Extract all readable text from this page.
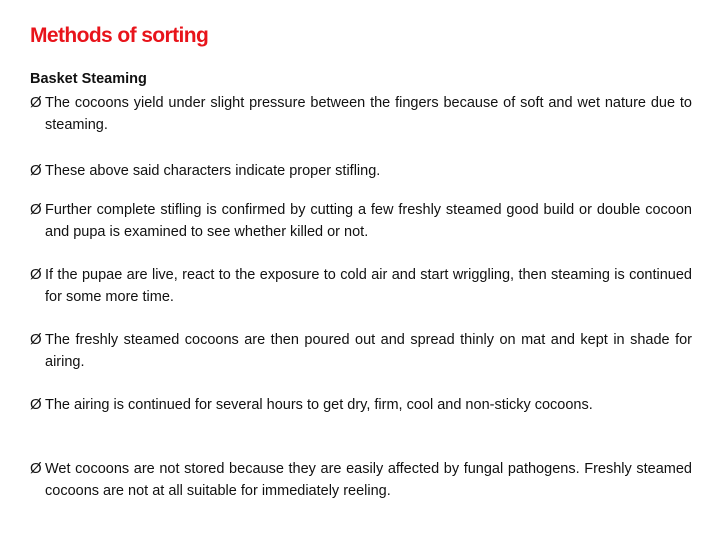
Methods of sorting
Basket Steaming
Ø The cocoons yield under slight pressure between the fingers because of soft and wet nature due to steaming.
Ø These above said characters indicate proper stifling.
Ø Further complete stifling is confirmed by cutting a few freshly steamed good build or double cocoon and pupa is examined to see whether killed or not.
Ø If the pupae are live, react to the exposure to cold air and start wriggling, then steaming is continued for some more time.
Ø The freshly steamed cocoons are then poured out and spread thinly on mat and kept in shade for airing.
Ø The airing is continued for several hours to get dry, firm, cool and non-sticky cocoons.
Ø Wet cocoons are not stored because they are easily affected by fungal pathogens. Freshly steamed cocoons are not at all suitable for immediately reeling.
